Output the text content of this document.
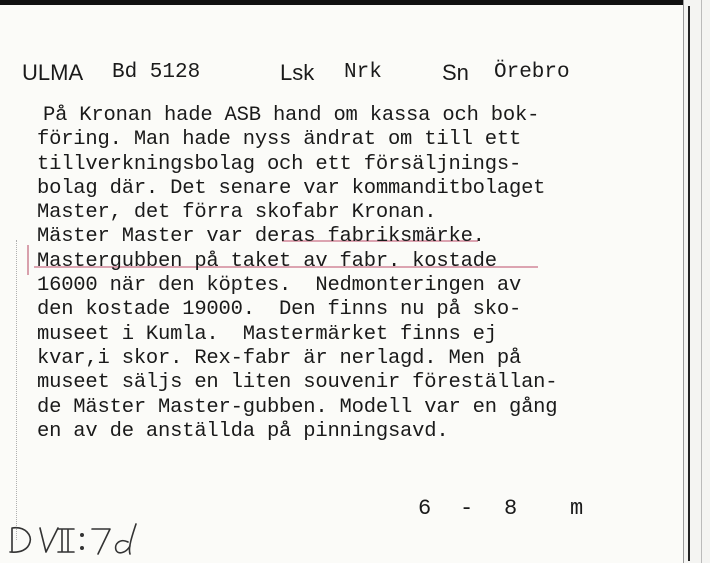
ULMA Bd 5128	Lsk Nrk	Sn Örebro
På Kronan hade ASB hand om kassa och bok-
föring. Man hade nyss ändrat om till ett
tillverkningsbolag och ett försäljnings-
bolag där. Det senare var kommanditbolaget
Master, det förra skofabr Kronan.
Mäster Master var deras fabriksmärke.
Mastergubben på taket av fabr. kostade
16000 när den köptes.  Nedmonteringen av
den kostade 19000.  Den finns nu på sko-
museet i Kumla.  Mastermärket finns ej
kvar,i skor. Rex-fabr är nerlagd. Men på
museet säljs en liten souvenir föreställan-
de Mäster Master-gubben. Modell var en gång
en av de anställda på pinningsavd.
6 - 8 m
